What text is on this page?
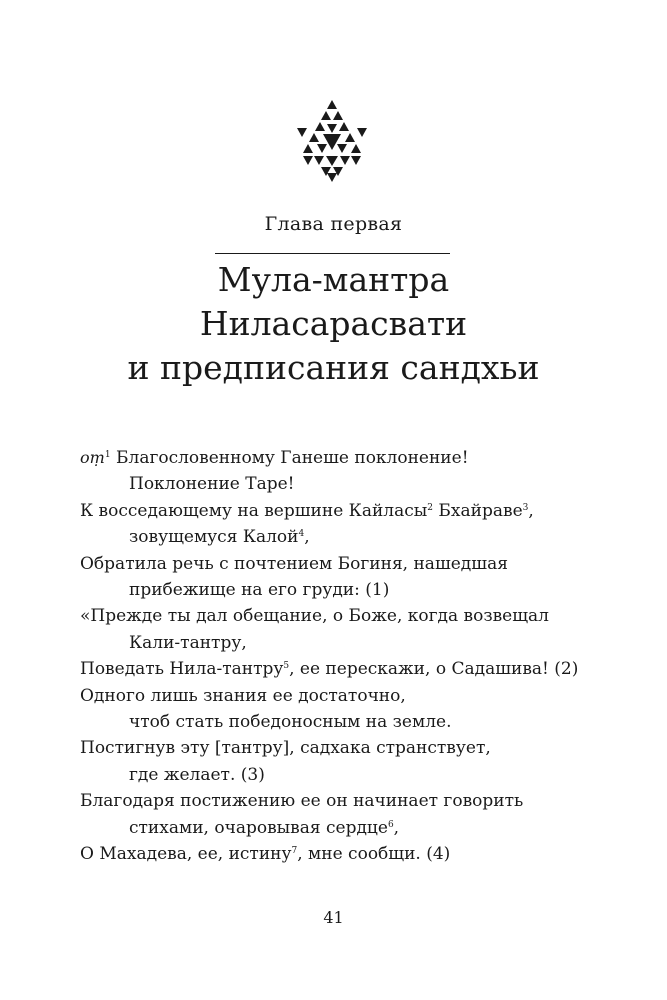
Глава первая
Мула-мантра
Ниласарасвати
и предписания сандхьи
oṃ$^1$ Благословенному Ганеше поклонение!
Поклонение Таре!
К восседающему на вершине Кайласы$^2$ Бхайраве$^3$,
зовущемуся Калой$^4$,
Обратила речь с почтением Богиня, нашедшая
прибежище на его груди: (1)
«Прежде ты дал обещание, о Боже, когда возвещал
Кали-тантру,
Поведать Нила-тантру$^5$, ее перескажи, о Садашива! (2)
Одного лишь знания ее достаточно,
чтоб стать победоносным на земле.
Постигнув эту [тантру], садхака странствует,
где желает. (3)
Благодаря постижению ее он начинает говорить
стихами, очаровывая сердце$^6$,
О Махадева, ее, истину$^7$, мне сообщи. (4)
41
